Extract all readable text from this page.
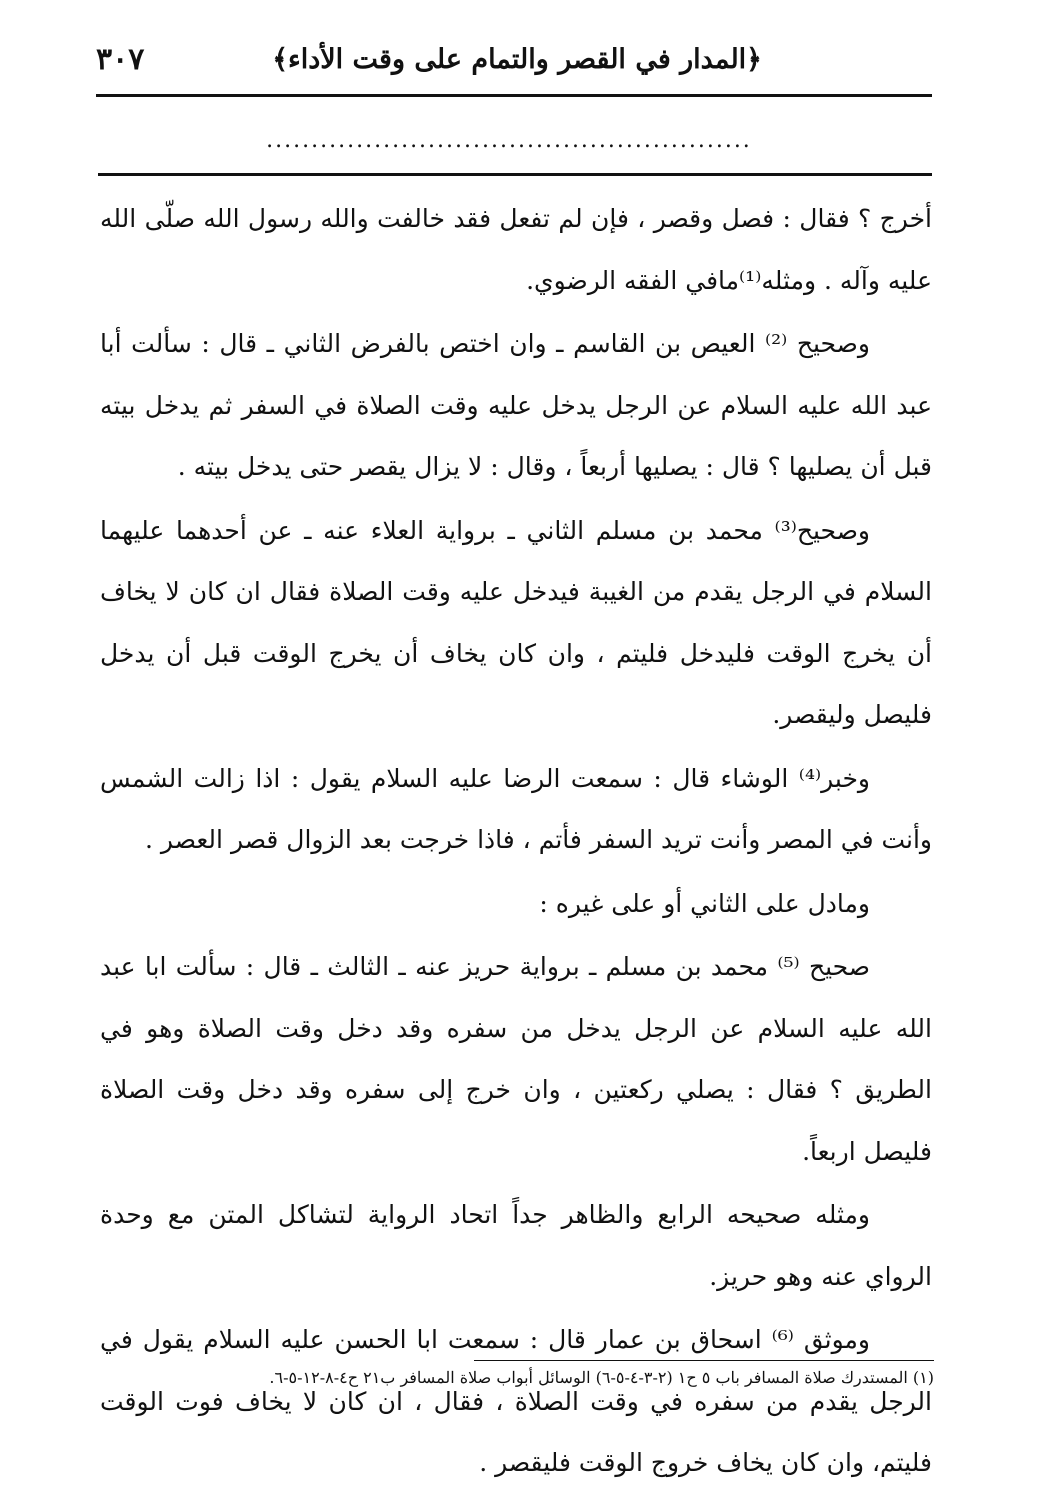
٣٠٧	﴿المدار في القصر والتمام على وقت الأداء﴾
......................................................

أخرج ؟ فقال : فصل وقصر ، فإن لم تفعل فقد خالفت والله رسول الله صلّى الله عليه وآله . ومثله⁽¹⁾مافي الفقه الرضوي.

وصحيح ⁽²⁾ العيص بن القاسم ـ وان اختص بالفرض الثاني ـ قال : سألت أبا عبد الله عليه السلام عن الرجل يدخل عليه وقت الصلاة في السفر ثم يدخل بيته قبل أن يصليها ؟ قال : يصليها أربعاً ، وقال : لا يزال يقصر حتى يدخل بيته .

وصحيح⁽³⁾ محمد بن مسلم الثاني ـ برواية العلاء عنه ـ عن أحدهما عليهما السلام في الرجل يقدم من الغيبة فيدخل عليه وقت الصلاة فقال ان كان لا يخاف أن يخرج الوقت فليدخل فليتم ، وان كان يخاف أن يخرج الوقت قبل أن يدخل فليصل وليقصر.

وخبر⁽⁴⁾ الوشاء قال : سمعت الرضا عليه السلام يقول : اذا زالت الشمس وأنت في المصر وأنت تريد السفر فأتم ، فاذا خرجت بعد الزوال قصر العصر .

ومادل على الثاني أو على غيره :

صحيح ⁽⁵⁾ محمد بن مسلم ـ برواية حريز عنه ـ الثالث ـ قال : سألت ابا عبد الله عليه السلام عن الرجل يدخل من سفره وقد دخل وقت الصلاة وهو في الطريق ؟ فقال : يصلي ركعتين ، وان خرج إلى سفره وقد دخل وقت الصلاة فليصل اربعاً.

ومثله صحيحه الرابع والظاهر جداً اتحاد الرواية لتشاكل المتن مع وحدة الرواي عنه وهو حريز.

وموثق ⁽⁶⁾ اسحاق بن عمار قال : سمعت ابا الحسن عليه السلام يقول في الرجل يقدم من سفره في وقت الصلاة ، فقال ، ان كان لا يخاف فوت الوقت فليتم، وان كان يخاف خروج الوقت فليقصر .

(١) المستدرك صلاة المسافر باب ٥ ح١ (٢-٣-٤-٥-٦) الوسائل أبواب صلاة المسافر ب٢١ ح٤-٨-١٢-٥-٦.
